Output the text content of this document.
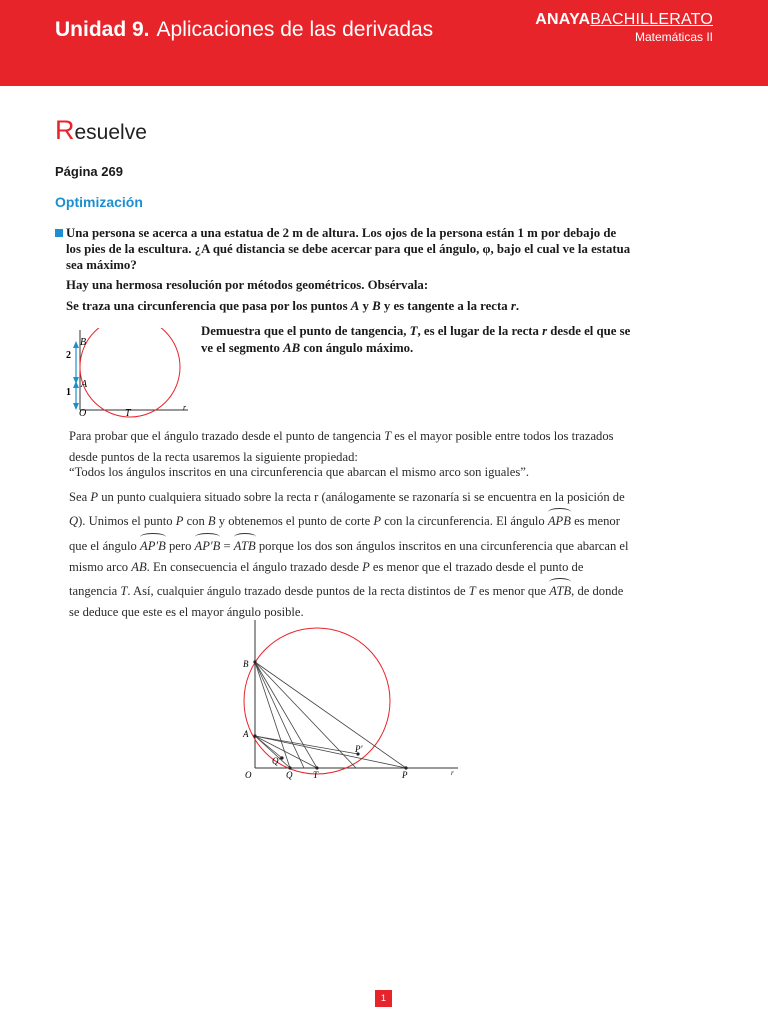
Unidad 9. Aplicaciones de las derivadas	ANAYABACHILLERATO
Matemáticas II
Resuelve
Página 269
Optimización
Una persona se acerca a una estatua de 2 m de altura. Los ojos de la persona están 1 m por debajo de los pies de la escultura. ¿A qué distancia se debe acercar para que el ángulo, φ, bajo el cual ve la estatua sea máximo?
Hay una hermosa resolución por métodos geométricos. Obsérvala:
Se traza una circunferencia que pasa por los puntos A y B y es tangente a la recta r.
Demuestra que el punto de tangencia, T, es el lugar de la recta r desde el que se ve el segmento AB con ángulo máximo.
B
A
O	T
r
2
1
Para probar que el ángulo trazado desde el punto de tangencia T es el mayor posible entre todos los trazados desde puntos de la recta usaremos la siguiente propiedad:
“Todos los ángulos inscritos en una circunferencia que abarcan el mismo arco son iguales”.
Sea P un punto cualquiera situado sobre la recta r (análogamente se razonaría si se encuentra en la posición de Q). Unimos el punto P con B y obtenemos el punto de corte P con la circunferencia. El ángulo APB es menor que el ángulo AP′B pero AP′B = ATB porque los dos son ángulos inscritos en una circunferencia que abarcan el mismo arco AB. En consecuencia el ángulo trazado desde P es menor que el trazado desde el punto de tangencia T. Así, cualquier ángulo trazado desde puntos de la recta distintos de T es menor que ATB, de donde se deduce que este es el mayor ángulo posible.
B
A
O	Q T	P
Q′
P′
r
1
